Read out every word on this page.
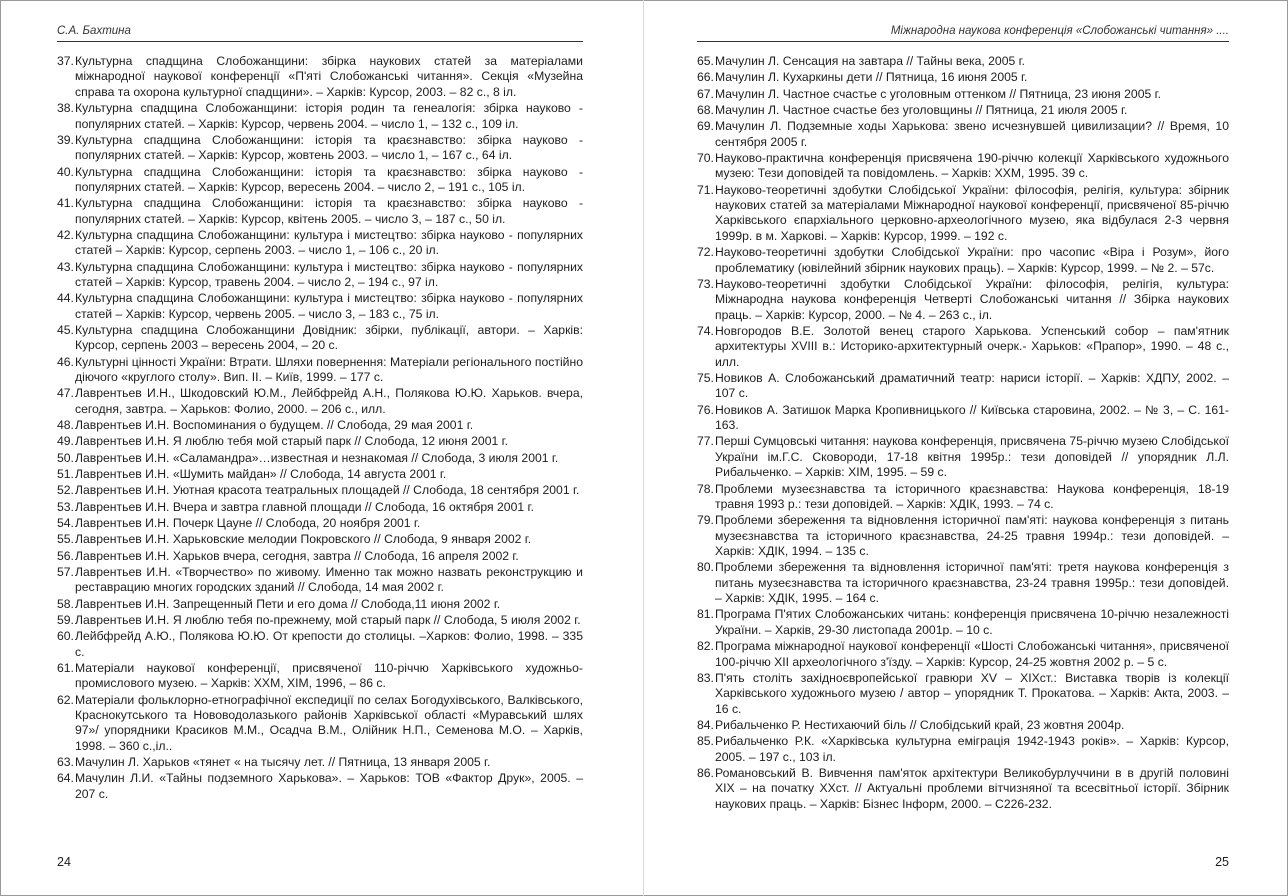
С.А. Бахтина
37. Культурна спадщина Слобожанщини: збірка наукових статей за матеріалами міжнародної наукової конференції «П'яті Слобожанські читання». Секція «Музейна справа та охорона культурної спадщини». – Харків: Курсор, 2003. – 82 с., 8 іл.
38. Культурна спадщина Слобожанщини: історія родин та генеалогія: збірка науково - популярних статей. – Харків: Курсор, червень 2004. – число 1, – 132 с., 109 іл.
39. Культурна спадщина Слобожанщини: історія та краєзнавство: збірка науково - популярних статей. – Харків: Курсор, жовтень 2003. – число 1, – 167 с., 64 іл.
40. Культурна спадщина Слобожанщини: історія та краєзнавство: збірка науково - популярних статей. – Харків: Курсор, вересень 2004. – число 2, – 191 с., 105 іл.
41. Культурна спадщина Слобожанщини: історія та краєзнавство: збірка науково - популярних статей. – Харків: Курсор, квітень 2005. – число 3, – 187 с., 50 іл.
42. Культурна спадщина Слобожанщини: культура і мистецтво: збірка науково - популярних статей – Харків: Курсор, серпень 2003. – число 1, – 106 с., 20 іл.
43. Культурна спадщина Слобожанщини: культура і мистецтво: збірка науково - популярних статей – Харків: Курсор, травень 2004. – число 2, – 194 с., 97 іл.
44. Культурна спадщина Слобожанщини: культура і мистецтво: збірка науково - популярних статей – Харків: Курсор, червень 2005. – число 3, – 183 с., 75 іл.
45. Культурна спадщина Слобожанщини Довідник: збірки, публікації, автори. – Харків: Курсор, серпень 2003 – вересень 2004, – 20 с.
46. Культурні цінності України: Втрати. Шляхи повернення: Матеріали регіонального постійно діючого «круглого столу». Вип. ІІ. – Київ, 1999. – 177 с.
47. Лаврентьев И.Н., Шкодовский Ю.М., Лейбфрейд А.Н., Полякова Ю.Ю. Харьков. вчера, сегодня, завтра. – Харьков: Фолио, 2000. – 206 с., илл.
48. Лаврентьев И.Н. Воспоминания о будущем. // Слобода, 29 мая 2001 г.
49. Лаврентьев И.Н. Я люблю тебя мой старый парк // Слобода, 12 июня 2001 г.
50. Лаврентьев И.Н. «Саламандра»…известная и незнакомая // Слобода, 3 июля 2001 г.
51. Лаврентьев И.Н. «Шумить майдан» // Слобода, 14 августа 2001 г.
52. Лаврентьев И.Н. Уютная красота театральных площадей // Слобода, 18 сентября 2001 г.
53. Лаврентьев И.Н. Вчера и завтра главной площади // Слобода, 16 октября 2001 г.
54. Лаврентьев И.Н. Почерк Цауне // Слобода, 20 ноября 2001 г.
55. Лаврентьев И.Н. Харьковские мелодии Покровского // Слобода, 9 января 2002 г.
56. Лаврентьев И.Н. Харьков вчера, сегодня, завтра // Слобода, 16 апреля 2002 г.
57. Лаврентьев И.Н. «Творчество» по живому. Именно так можно назвать реконструкцию и реставрацию многих городских зданий // Слобода, 14 мая 2002 г.
58. Лаврентьев И.Н. Запрещенный Пети и его дома // Слобода,11 июня 2002 г.
59. Лаврентьев И.Н. Я люблю тебя по-прежнему, мой старый парк // Слобода, 5 июля 2002 г.
60. Лейбфрейд А.Ю., Полякова Ю.Ю. От крепости до столицы. –Харков: Фолио, 1998. – 335 с.
61. Матеріали наукової конференції, присвяченої 110-річчю Харківського художньо-промислового музею. – Харків: ХХМ, ХІМ, 1996, – 86 с.
62. Матеріали фольклорно-етнографічної експедиції по селах Богодухівського, Валківського, Краснокутського та Нововодолазького районів Харківської області «Муравський шлях 97»/ упорядники Красиков М.М., Осадча В.М., Олійник Н.П., Семенова М.О. – Харків, 1998. – 360 с.,іл..
63. Мачулин Л. Харьков «тянет « на тысячу лет. // Пятница, 13 января 2005 г.
64. Мачулин Л.И. «Тайны подземного Харькова». – Харьков: ТОВ «Фактор Друк», 2005. – 207 с.
24
Міжнародна наукова конференція «Слобожанські читання» ....
65. Мачулин Л. Сенсация на завтара // Тайны века, 2005 г.
66. Мачулин Л. Кухаркины дети // Пятница, 16 июня 2005 г.
67. Мачулин Л. Частное счастье с уголовным оттенком // Пятница, 23 июня 2005 г.
68. Мачулин Л. Частное счастье без уголовщины // Пятница, 21 июля 2005 г.
69. Мачулин Л. Подземные ходы Харькова: звено исчезнувшей цивилизации? // Время, 10 сентября 2005 г.
70. Науково-практична конференція присвячена 190-річчю колекції Харківського художнього музею: Тези доповідей та повідомлень. – Харків: ХХМ, 1995. 39 с.
71. Науково-теоретичні здобутки Слобідської України: філософія, релігія, культура: збірник наукових статей за матеріалами Міжнародної наукової конференції, присвяченої 85-річчю Харківського єпархіального церковно-археологічного музею, яка відбулася 2-3 червня 1999р. в м. Харкові. – Харків: Курсор, 1999. – 192 с.
72. Науково-теоретичні здобутки Слобідської України: про часопис «Віра і Розум», його проблематику (ювілейний збірник наукових праць). – Харків: Курсор, 1999. – № 2. – 57с.
73. Науково-теоретичні здобутки Слобідської України: філософія, релігія, культура: Міжнародна наукова конференція Четверті Слобожанські читання // Збірка наукових праць. – Харків: Курсор, 2000. – № 4. – 263 с., іл.
74. Новгородов В.Е. Золотой венец старого Харькова. Успенський собор – пам'ятник архитектуры XVIII в.: Историко-архитектурный очерк.- Харьков: «Прапор», 1990. – 48 с., илл.
75. Новиков А. Слобожанський драматичний театр: нариси історії. – Харків: ХДПУ, 2002. – 107 с.
76. Новиков А. Затишок Марка Кропивницького // Київська старовина, 2002. – № 3, – С. 161-163.
77. Перші Сумцовські читання: наукова конференція, присвячена 75-річчю музею Слобідської України ім.Г.С. Сковороди, 17-18 квітня 1995р.: тези доповідей // упорядник Л.Л. Рибальченко. – Харків: ХІМ, 1995. – 59 с.
78. Проблеми музеєзнавства та історичного краєзнавства: Наукова конференція, 18-19 травня 1993 р.: тези доповідей. – Харків: ХДІК, 1993. – 74 с.
79. Проблеми збереження та відновлення історичної пам'яті: наукова конференція з питань музеєзнавства та історичного краєзнавства, 24-25 травня 1994р.: тези доповідей. – Харків: ХДІК, 1994. – 135 с.
80. Проблеми збереження та відновлення історичної пам'яті: третя наукова конференція з питань музеєзнавства та історичного краєзнавства, 23-24 травня 1995р.: тези доповідей. – Харків: ХДІК, 1995. – 164 с.
81. Програма П'ятих Слобожанських читань: конференція присвячена 10-річчю незалежності України. – Харків, 29-30 листопада 2001р. – 10 с.
82. Програма міжнародної наукової конференції «Шості Слобожанські читання», присвяченої 100-річчю XII археологічного з'їзду. – Харків: Курсор, 24-25 жовтня 2002 р. – 5 с.
83. П'ять століть західноєвропейської гравюри XV – XIXст.: Виставка творів із колекції Харківського художнього музею / автор – упорядник Т. Прокатова. – Харків: Акта, 2003. – 16 с.
84. Рибальченко Р. Нестихаючий біль // Слобідський край, 23 жовтня 2004р.
85. Рибальченко Р.К. «Харківська культурна еміграція 1942-1943 років». – Харків: Курсор, 2005. – 197 с., 103 іл.
86. Романовський В. Вивчення пам'яток архітектури Великобурлуччини в в другій половині XIX – на початку XXст. // Актуальні проблеми вітчизняної та всесвітньої історії. Збірник наукових праць. – Харків: Бізнес Інформ, 2000. – С226-232.
25
